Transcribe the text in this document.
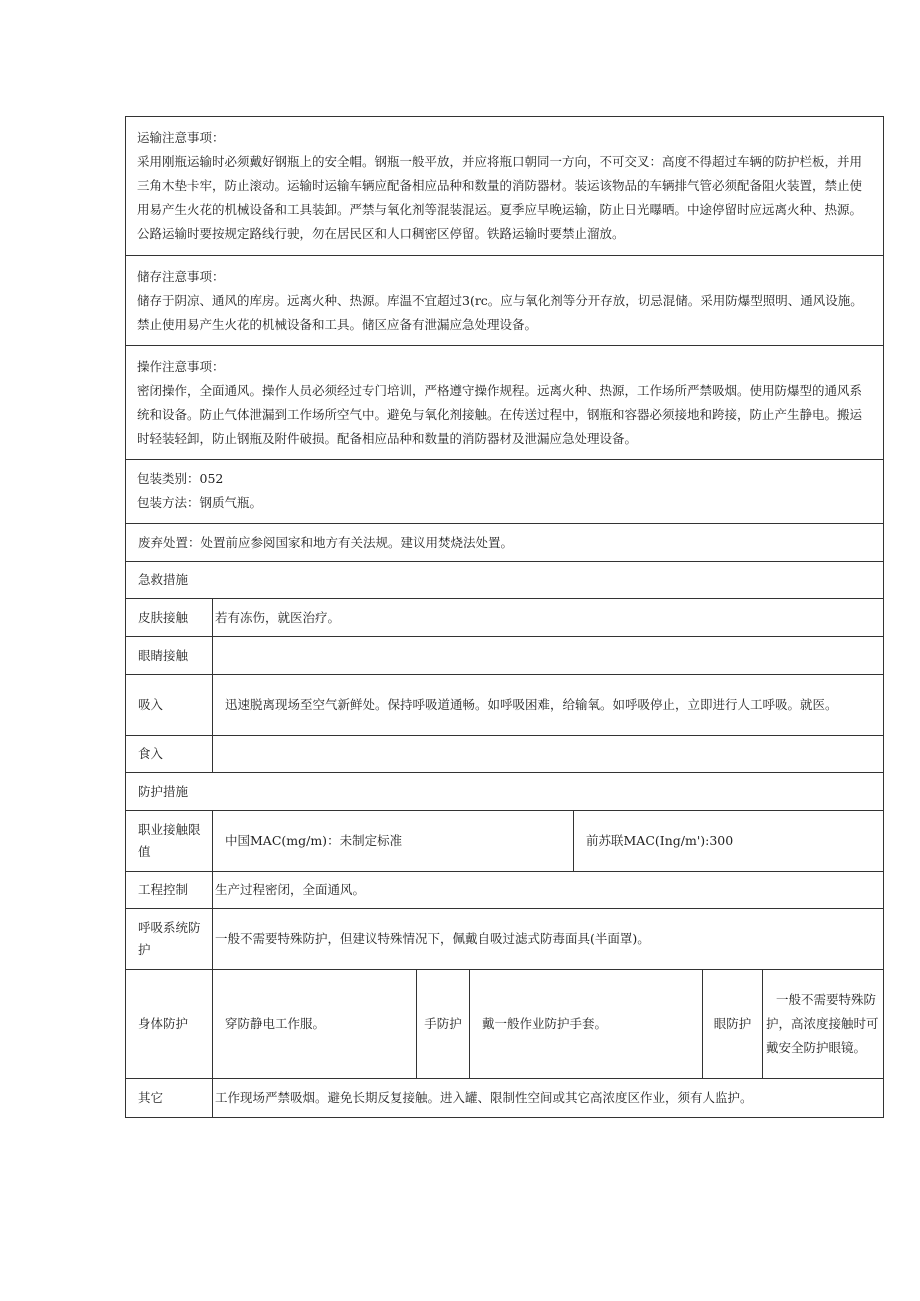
运输注意事项：

采用刚瓶运输时必须戴好钢瓶上的安全帽。钢瓶一般平放，并应将瓶口朝同一方向，不可交叉：高度不得超过车辆的防护栏板，并用三角木垫卡牢，防止滚动。运输时运输车辆应配备相应品种和数量的消防器材。装运该物品的车辆排气管必须配备阻火装置，禁止使用易产生火花的机械设备和工具装卸。严禁与氧化剂等混装混运。夏季应早晚运输，防止日光曝晒。中途停留时应远离火种、热源。公路运输时要按规定路线行驶，勿在居民区和人口稠密区停留。铁路运输时要禁止溜放。						

储存注意事项：

储存于阴凉、通风的库房。远离火种、热源。库温不宜超过3(rc。应与氧化剂等分开存放，切忌混储。采用防爆型照明、通风设施。禁止使用易产生火花的机械设备和工具。储区应备有泄漏应急处理设备。						

操作注意事项：

密闭操作，全面通风。操作人员必须经过专门培训，严格遵守操作规程。远离火种、热源，工作场所严禁吸烟。使用防爆型的通风系统和设备。防止气体泄漏到工作场所空气中。避免与氧化剂接触。在传送过程中，钢瓶和容器必须接地和跨接，防止产生静电。搬运时轻装轻卸，防止钢瓶及附件破损。配备相应品种和数量的消防器材及泄漏应急处理设备。						

包装类别：052

包装方法：钢质气瓶。						

废弃处置：处置前应参阅国家和地方有关法规。建议用焚烧法处置。						
急救措施						
皮肤接触	若有冻伤，就医治疗。					
眼睛接触						
吸入	迅速脱离现场至空气新鲜处。保持呼吸道通畅。如呼吸困难，给输氧。如呼吸停止，立即进行人工呼吸。就医。					
食入						
防护措施						
职业接触限值	中国MAC(mg/m)：未制定标准			前苏联MAC(Ing/m'):300		
工程控制	生产过程密闭，全面通风。					
呼吸系统防护	一般不需要特殊防护，但建议特殊情况下，佩戴自吸过滤式防毒面具(半面罩)。					
身体防护	穿防静电工作服。	手防护	戴一般作业防护手套。		眼防护	一般不需要特殊防护，高浓度接触时可戴安全防护眼镜。
其它	工作现场严禁吸烟。避免长期反复接触。进入罐、限制性空间或其它高浓度区作业，须有人监护。					
